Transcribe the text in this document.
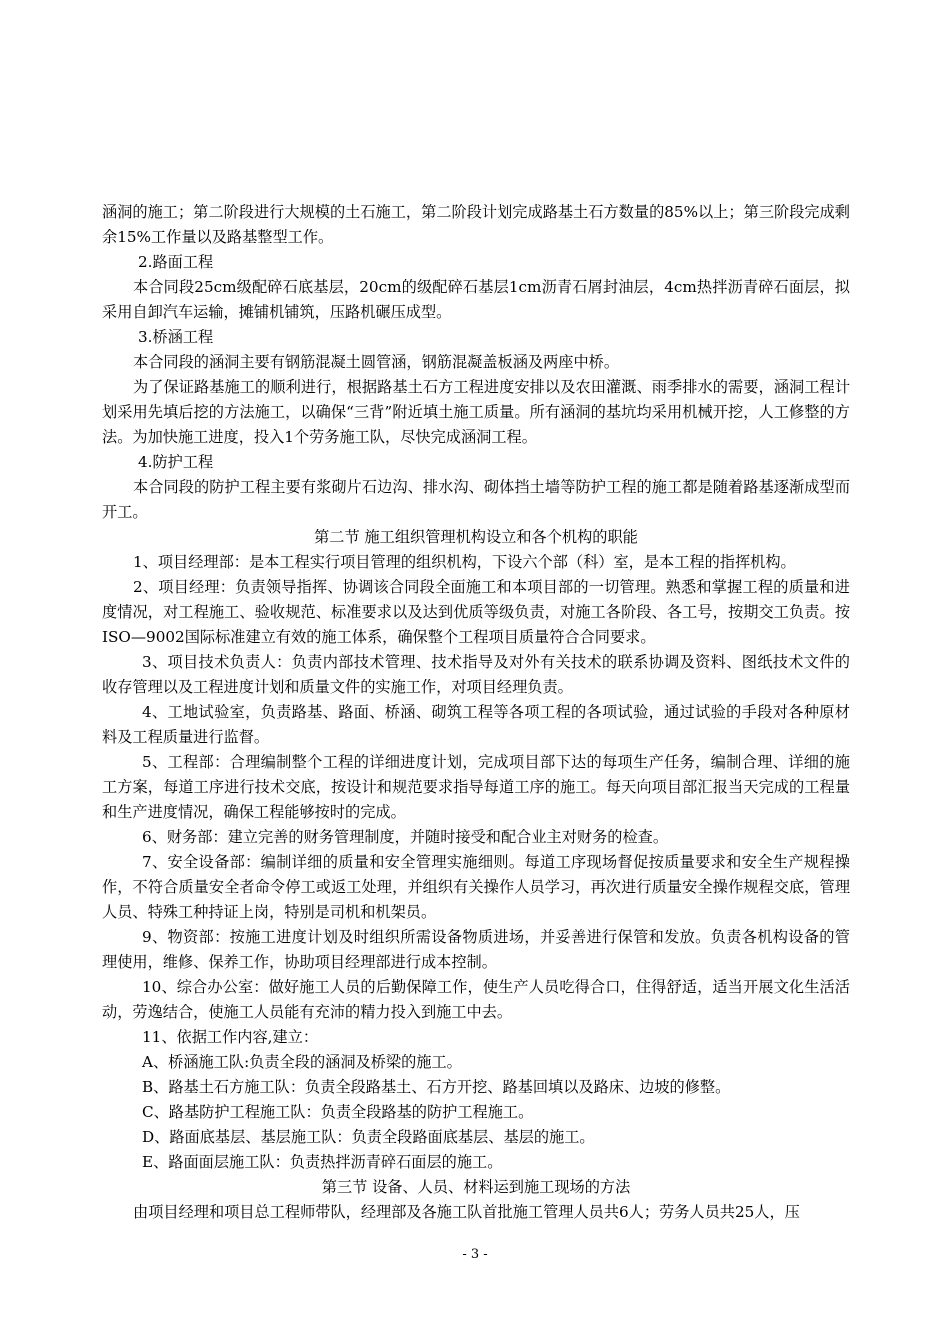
涵洞的施工；第二阶段进行大规模的土石施工，第二阶段计划完成路基土石方数量的85%以上；第三阶段完成剩余15%工作量以及路基整型工作。

2.路面工程

本合同段25cm级配碎石底基层，20cm的级配碎石基层1cm沥青石屑封油层，4cm热拌沥青碎石面层，拟采用自卸汽车运输，摊铺机铺筑，压路机碾压成型。

3.桥涵工程

本合同段的涵洞主要有钢筋混凝土圆管涵，钢筋混凝盖板涵及两座中桥。

为了保证路基施工的顺利进行，根据路基土石方工程进度安排以及农田灌溉、雨季排水的需要，涵洞工程计划采用先填后挖的方法施工，以确保“三背”附近填土施工质量。所有涵洞的基坑均采用机械开挖，人工修整的方法。为加快施工进度，投入1个劳务施工队，尽快完成涵洞工程。

4.防护工程

本合同段的防护工程主要有浆砌片石边沟、排水沟、砌体挡土墙等防护工程的施工都是随着路基逐渐成型而开工。

第二节 施工组织管理机构设立和各个机构的职能

1、项目经理部：是本工程实行项目管理的组织机构，下设六个部（科）室，是本工程的指挥机构。

2、项目经理：负责领导指挥、协调该合同段全面施工和本项目部的一切管理。熟悉和掌握工程的质量和进度情况，对工程施工、验收规范、标准要求以及达到优质等级负责，对施工各阶段、各工号，按期交工负责。按ISO—9002国际标准建立有效的施工体系，确保整个工程项目质量符合合同要求。

3、项目技术负责人：负责内部技术管理、技术指导及对外有关技术的联系协调及资料、图纸技术文件的收存管理以及工程进度计划和质量文件的实施工作，对项目经理负责。

4、工地试验室，负责路基、路面、桥涵、砌筑工程等各项工程的各项试验，通过试验的手段对各种原材料及工程质量进行监督。

5、工程部：合理编制整个工程的详细进度计划，完成项目部下达的每项生产任务，编制合理、详细的施工方案，每道工序进行技术交底，按设计和规范要求指导每道工序的施工。每天向项目部汇报当天完成的工程量和生产进度情况，确保工程能够按时的完成。

6、财务部：建立完善的财务管理制度，并随时接受和配合业主对财务的检查。

7、安全设备部：编制详细的质量和安全管理实施细则。每道工序现场督促按质量要求和安全生产规程操作，不符合质量安全者命令停工或返工处理，并组织有关操作人员学习，再次进行质量安全操作规程交底，管理人员、特殊工种持证上岗，特别是司机和机架员。

9、物资部：按施工进度计划及时组织所需设备物质进场，并妥善进行保管和发放。负责各机构设备的管理使用，维修、保养工作，协助项目经理部进行成本控制。

10、综合办公室：做好施工人员的后勤保障工作，使生产人员吃得合口，住得舒适，适当开展文化生活活动，劳逸结合，使施工人员能有充沛的精力投入到施工中去。

11、依据工作内容,建立：

A、桥涵施工队:负责全段的涵洞及桥梁的施工。

B、路基土石方施工队：负责全段路基土、石方开挖、路基回填以及路床、边坡的修整。

C、路基防护工程施工队：负责全段路基的防护工程施工。

D、路面底基层、基层施工队：负责全段路面底基层、基层的施工。

E、路面面层施工队：负责热拌沥青碎石面层的施工。

第三节 设备、人员、材料运到施工现场的方法

由项目经理和项目总工程师带队，经理部及各施工队首批施工管理人员共6人；劳务人员共25人，压

- 3 -
